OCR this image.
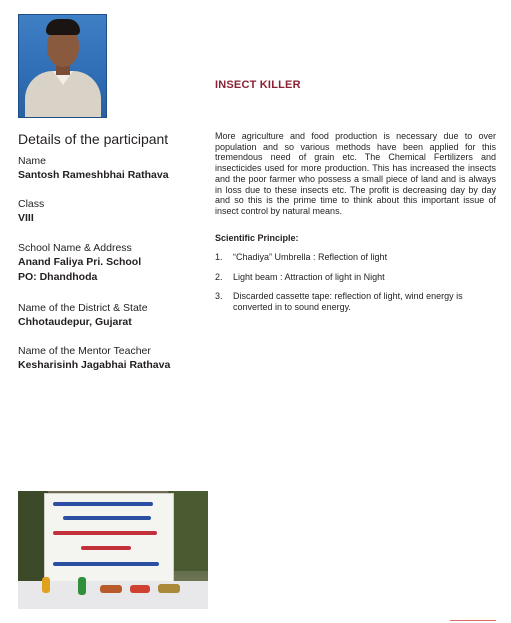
Details of the participant
Name
Santosh Rameshbhai Rathava
Class
VIII
School Name & Address
Anand Faliya Pri. School
PO: Dhandhoda
Name of the District & State
Chhotaudepur, Gujarat
Name of the Mentor Teacher
Kesharisinh Jagabhai Rathava
INSECT KILLER
More agriculture and food production is necessary due to over population and so various methods have been applied for this tremendous need of grain etc. The Chemical Fertilizers and insecticides used for more production. This has increased the insects and the poor farmer who possess a small piece of land and is always in loss due to these insects etc. The profit is decreasing day by day and so this is the prime time to think about this important issue of insect control by natural means.
Scientific Principle:
1. “Chadiya” Umbrella : Reflection of light
2. Light beam : Attraction of light in Night
3. Discarded cassette tape: reflection of light, wind energy is converted in to sound energy.
